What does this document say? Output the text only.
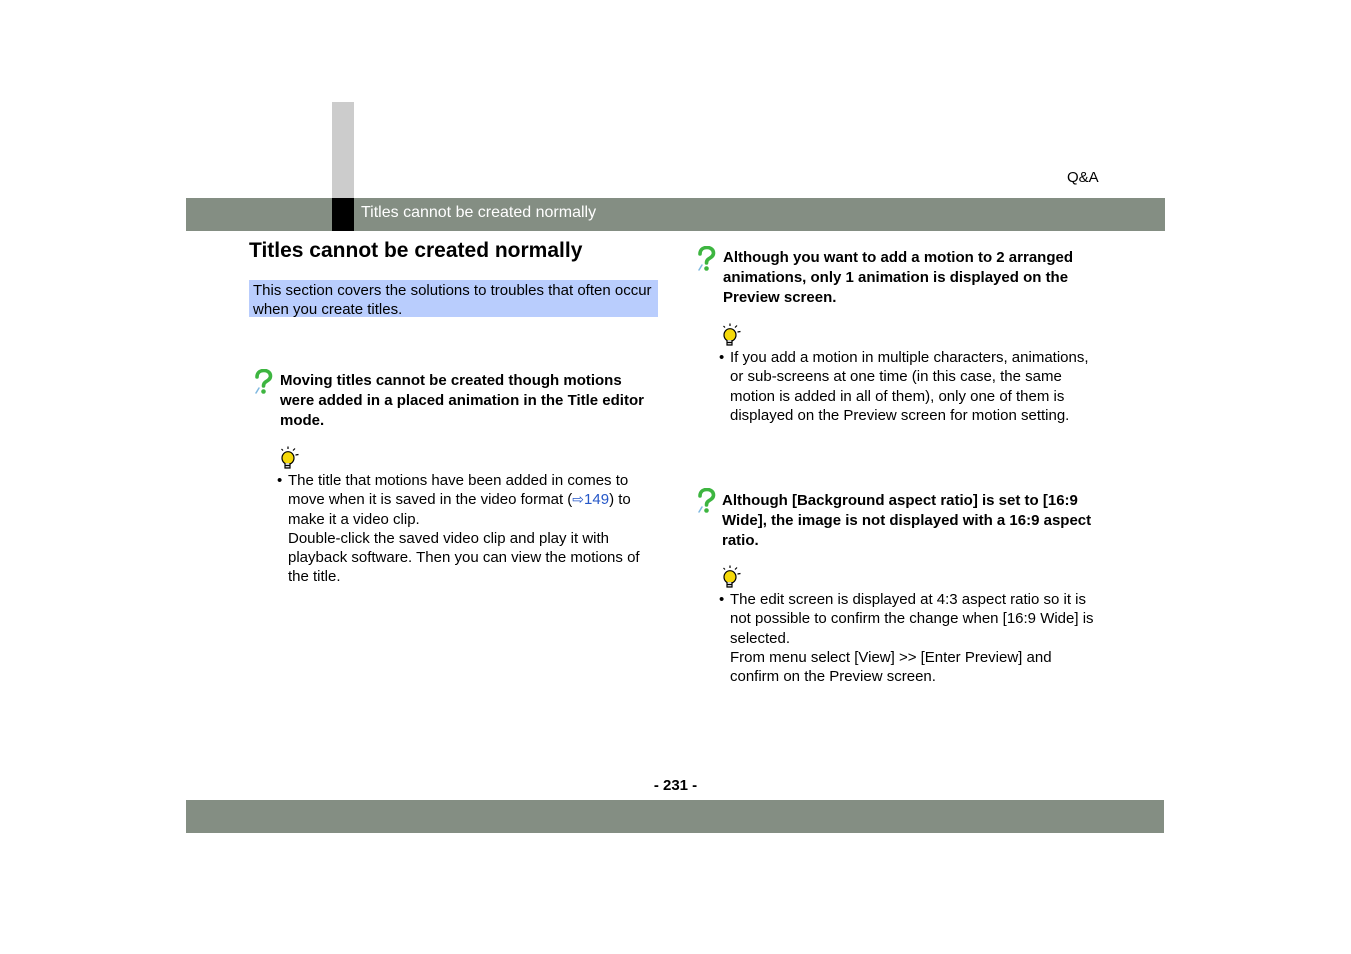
Titles cannot be created normally
Q&A
Titles cannot be created normally
This section covers the solutions to troubles that often occur when you create titles.
Moving titles cannot be created though motions were added in a placed animation in the Title editor mode.
• The title that motions have been added in comes to move when it is saved in the video format (⇨149) to make it a video clip.

Double-click the saved video clip and play it with playback software. Then you can view the motions of the title.

Although you want to add a motion to 2 arranged animations, only 1 animation is displayed on the Preview screen.
• If you add a motion in multiple characters, animations, or sub-screens at one time (in this case, the same motion is added in all of them), only one of them is displayed on the Preview screen for motion setting.

Although [Background aspect ratio] is set to [16:9 Wide], the image is not displayed with a 16:9 aspect ratio.
• The edit screen is displayed at 4:3 aspect ratio so it is not possible to confirm the change when [16:9 Wide] is selected.

From menu select [View] >> [Enter Preview] and confirm on the Preview screen.

- 231 -
